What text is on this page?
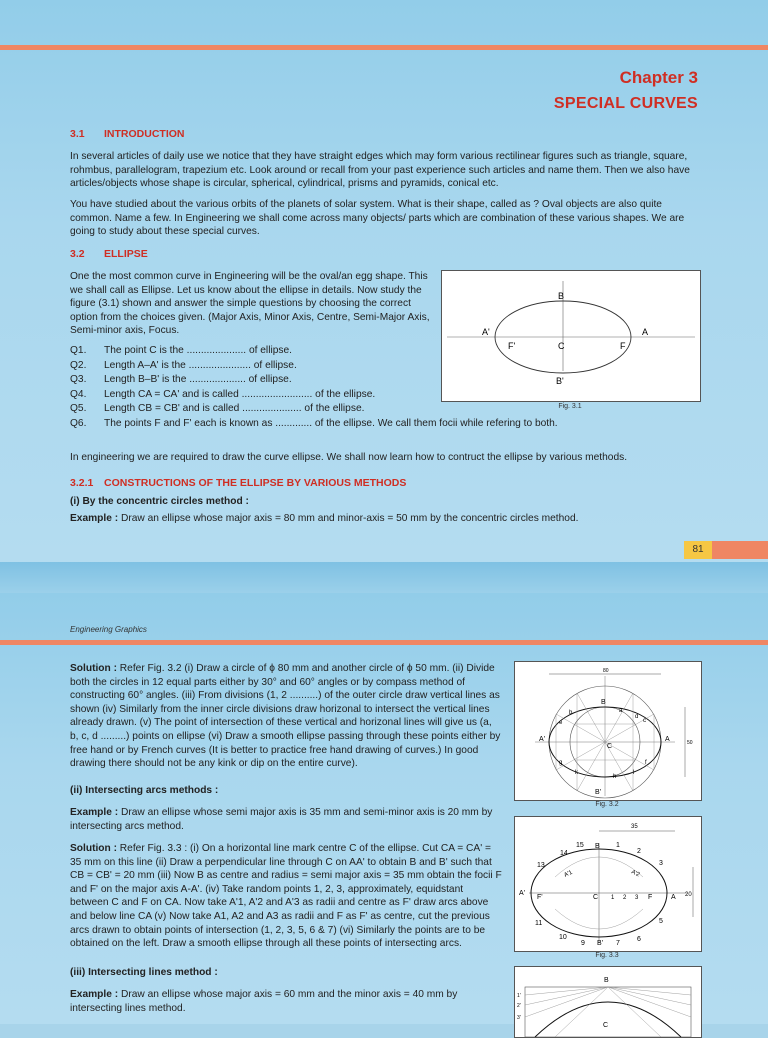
Chapter 3
SPECIAL CURVES
3.1 INTRODUCTION
In several articles of daily use we notice that they have straight edges which may form various rectilinear figures such as triangle, square, rohmbus, parallelogram, trapezium etc. Look around or recall from your past experience such articles and name them. Then we also have articles/objects whose shape is circular, spherical, cylindrical, prisms and pyramids, conical etc.
You have studied about the various orbits of the planets of solar system. What is their shape, called as ? Oval objects are also quite common. Name a few. In Engineering we shall come across many objects/ parts which are combination of these various shapes. We are going to study about these special curves.
3.2 ELLIPSE
One the most common curve in Engineering will be the oval/an egg shape. This we shall call as Ellipse. Let us know about the ellipse in details. Now study the figure (3.1) shown and answer the simple questions by choosing the correct option from the choices given. (Major Axis, Minor Axis, Centre, Semi-Major Axis, Semi-minor axis, Focus.
Q1. The point C is the ..................... of ellipse.
Q2. Length A–A' is the ...................... of ellipse.
Q3. Length B–B' is the .................... of ellipse.
Q4. Length CA = CA' and is called ......................... of the ellipse.
Q5. Length CB = CB' and is called ..................... of the ellipse.
Q6. The points F and F' each is known as ............. of the ellipse. We call them focii while refering to both.
In engineering we are required to draw the curve ellipse. We shall now learn how to contruct the ellipse by various methods.
3.2.1 CONSTRUCTIONS OF THE ELLIPSE BY VARIOUS METHODS
(i) By the concentric circles method :
Example : Draw an ellipse whose major axis = 80 mm and minor-axis = 50 mm by the concentric circles method.
B
A'	A
F'	C	F
B'
Fig. 3.1
81
Engineering Graphics
Solution : Refer Fig. 3.2 (i) Draw a circle of ϕ 80 mm and another circle of ϕ 50 mm. (ii) Divide both the circles in 12 equal parts either by 30° and 60° angles or by compass method of constructing 60° angles. (iii) From divisions (1, 2 ..........) of the outer circle draw vertical lines as shown (iv) Similarly from the inner circle divisions draw horizonal to intersect the vertical lines already drawn. (v) The point of intersection of these vertical and horizonal lines will give us (a, b, c, d .........) points on ellipse (vi) Draw a smooth ellipse passing through these points either by free hand or by French curves (It is better to practice free hand drawing of curves.) In good drawing there should not be any kink or dip on the entire curve).
(ii) Intersecting arcs methods :
Example : Draw an ellipse whose semi major axis is 35 mm and semi-minor axis is 20 mm by intersecting arcs method.
Solution : Refer Fig. 3.3 : (i) On a horizontal line mark centre C of the ellipse. Cut CA = CA' = 35 mm on this line (ii) Draw a perpendicular line through C on AA' to obtain B and B' such that CB = CB' = 20 mm (iii) Now B as centre and radius = semi major axis = 35 mm obtain the focii F and F' on the major axis A-A'. (iv) Take random points 1, 2, 3, approximately, equidstant between C and F on CA. Now take A'1, A'2 and A'3 as radii and centre as F' draw arcs above and below line CA (v) Now take A1, A2 and A3 as radii and F as F' as centre, cut the previous arcs drawn to obtain points of intersection (1, 2, 3, 5, 6 & 7) (vi) Similarly the points are to be obtained on the left. Draw a smooth ellipse through all these points of intersecting arcs.
(iii) Intersecting lines method :
Example : Draw an ellipse whose major axis = 60 mm and the minor axis = 40 mm by intersecting lines method.
80
50
B
A'	A
C
B'
a
b
c
d
e
f
g
h
k	l
Fig. 3.2
35
20
14
15 B 1
2
13	3
A'1	A'2
A'
F'	C 1 2 3 F	A
11	5
10
9 B' 7
6
Fig. 3.3
B
1'
2'
3'
C
